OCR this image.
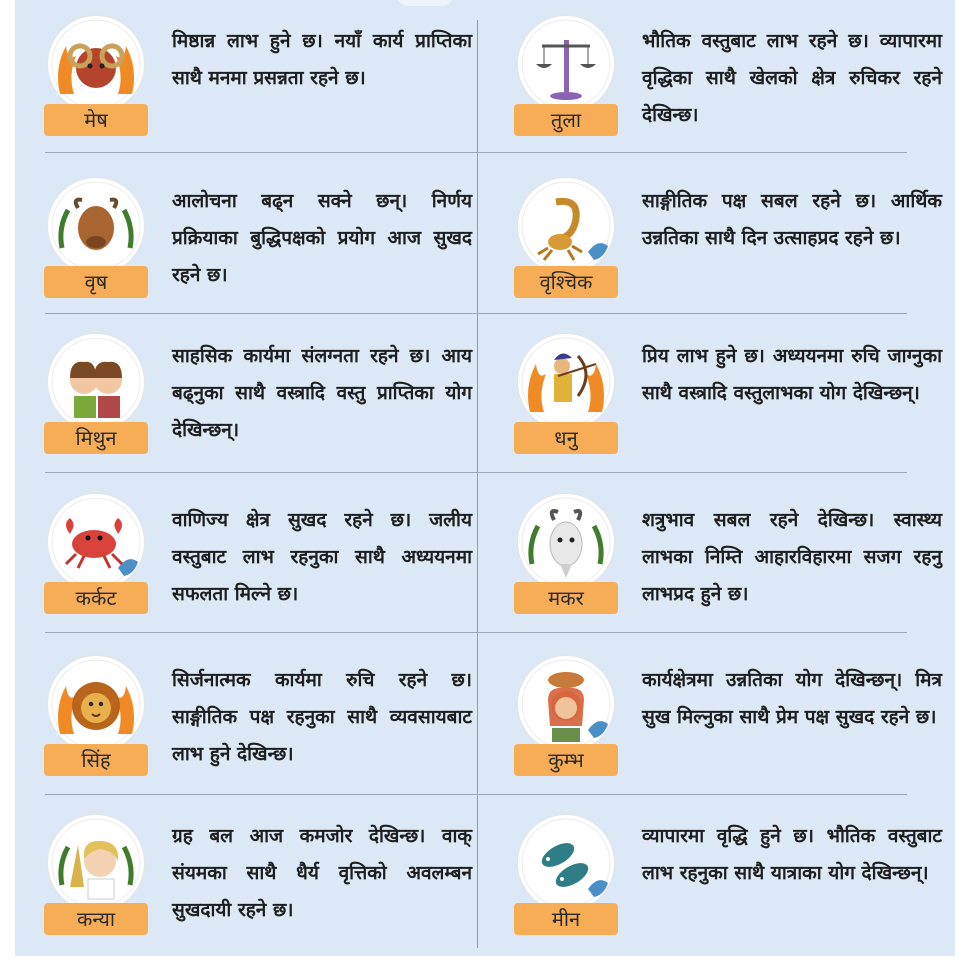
मेष
मिष्ठान्न लाभ हुने छ। नयाँ कार्य प्राप्तिका साथै मनमा प्रसन्नता रहने छ।
तुला
भौतिक वस्तुबाट लाभ रहने छ। व्यापारमा वृद्धिका साथै खेलको क्षेत्र रुचिकर रहने देखिन्छ।
वृष
आलोचना बढ्न सक्ने छन्। निर्णय प्रक्रियाका बुद्धिपक्षको प्रयोग आज सुखद रहने छ।	वृश्चिक
साङ्गीतिक पक्ष सबल रहने छ। आर्थिक उन्नतिका साथै दिन उत्साहप्रद रहने छ।
मिथुन
साहसिक कार्यमा संलग्नता रहने छ। आय बढ्नुका साथै वस्त्रादि वस्तु प्राप्तिका योग देखिन्छन्।	धनु
प्रिय लाभ हुने छ। अध्ययनमा रुचि जाग्नुका साथै वस्त्रादि वस्तुलाभका योग देखिन्छन्।
कर्कट
वाणिज्य क्षेत्र सुखद रहने छ। जलीय वस्तुबाट लाभ रहनुका साथै अध्ययनमा सफलता मिल्ने छ।	मकर
शत्रुभाव सबल रहने देखिन्छ। स्वास्थ्य लाभका निम्ति आहारविहारमा सजग रहनु लाभप्रद हुने छ।
सिंह
सिर्जनात्मक कार्यमा रुचि रहने छ। साङ्गीतिक पक्ष रहनुका साथै व्यवसायबाट लाभ हुने देखिन्छ।	कुम्भ
कार्यक्षेत्रमा उन्नतिका योग देखिन्छन्। मित्र सुख मिल्नुका साथै प्रेम पक्ष सुखद रहने छ।
कन्या
ग्रह बल आज कमजोर देखिन्छ। वाक् संयमका साथै धैर्य वृत्तिको अवलम्बन सुखदायी रहने छ।	मीन
व्यापारमा वृद्धि हुने छ। भौतिक वस्तुबाट लाभ रहनुका साथै यात्राका योग देखिन्छन्।
